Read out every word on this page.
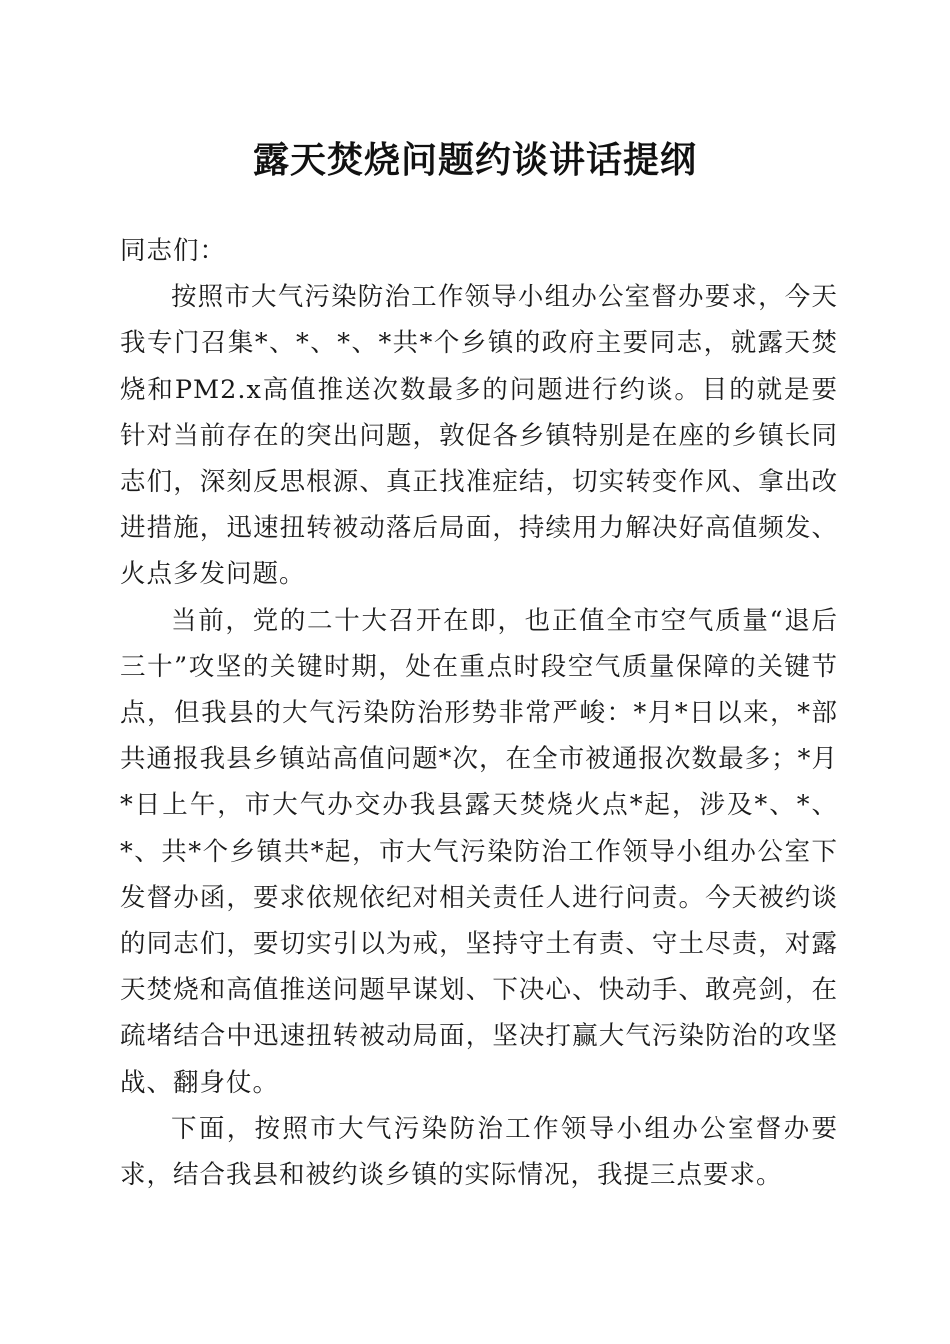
露天焚烧问题约谈讲话提纲

同志们：

按照市大气污染防治工作领导小组办公室督办要求，今天我专门召集*、*、*、*共*个乡镇的政府主要同志，就露天焚烧和PM2.x高值推送次数最多的问题进行约谈。目的就是要针对当前存在的突出问题，敦促各乡镇特别是在座的乡镇长同志们，深刻反思根源、真正找准症结，切实转变作风、拿出改进措施，迅速扭转被动落后局面，持续用力解决好高值频发、火点多发问题。

当前，党的二十大召开在即，也正值全市空气质量“退后三十”攻坚的关键时期，处在重点时段空气质量保障的关键节点，但我县的大气污染防治形势非常严峻：*月*日以来，*部共通报我县乡镇站高值问题*次，在全市被通报次数最多；*月*日上午，市大气办交办我县露天焚烧火点*起，涉及*、*、*、共*个乡镇共*起，市大气污染防治工作领导小组办公室下发督办函，要求依规依纪对相关责任人进行问责。今天被约谈的同志们，要切实引以为戒，坚持守土有责、守土尽责，对露天焚烧和高值推送问题早谋划、下决心、快动手、敢亮剑，在疏堵结合中迅速扭转被动局面，坚决打赢大气污染防治的攻坚战、翻身仗。

下面，按照市大气污染防治工作领导小组办公室督办要求，结合我县和被约谈乡镇的实际情况，我提三点要求。
